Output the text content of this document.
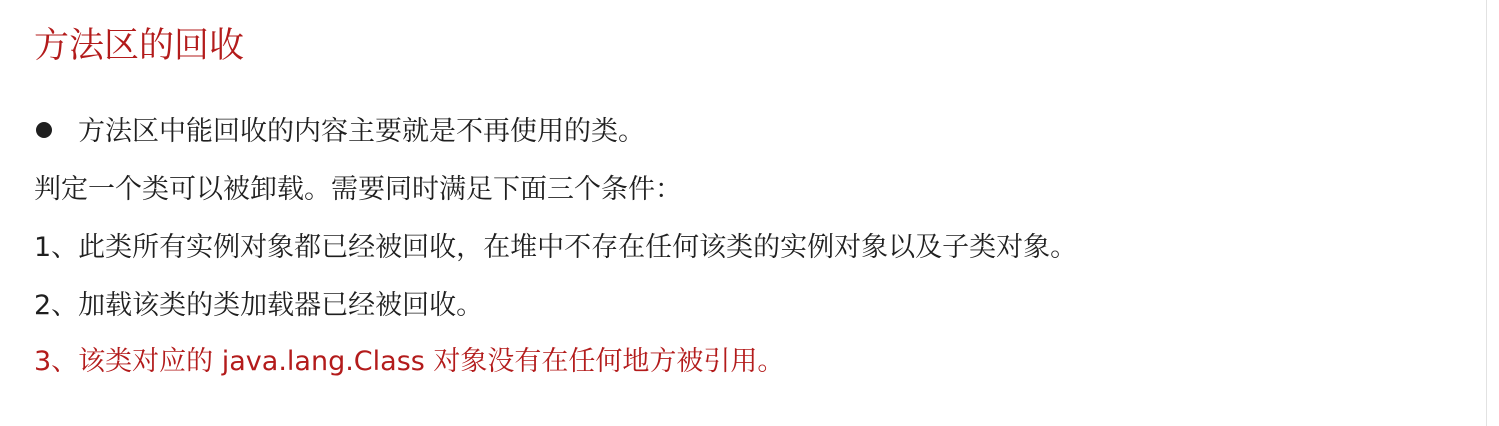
方法区的回收
方法区中能回收的内容主要就是不再使用的类。
判定一个类可以被卸载。需要同时满足下面三个条件：
1、此类所有实例对象都已经被回收，在堆中不存在任何该类的实例对象以及子类对象。
2、加载该类的类加载器已经被回收。
3、该类对应的 java.lang.Class 对象没有在任何地方被引用。
